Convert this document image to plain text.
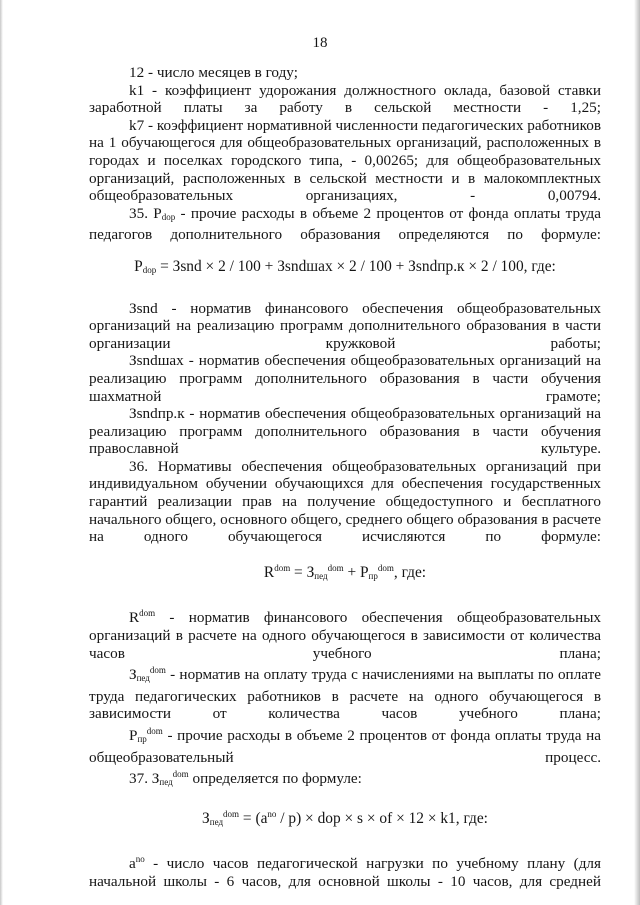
18

12 - число месяцев в году;

k1 - коэффициент удорожания должностного оклада, базовой ставки заработной платы за работу в сельской местности - 1,25;

k7 - коэффициент нормативной численности педагогических работников на 1 обучающегося для общеобразовательных организаций, расположенных в городах и поселках городского типа, - 0,00265; для общеобразовательных организаций, расположенных в сельской местности и в малокомплектных общеобразовательных организациях, - 0,00794.

35. $P_{dop}$ - прочие расходы в объеме 2 процентов от фонда оплаты труда педагогов дополнительного образования определяются по формуле:

$P_{dop}$ = Зsnd × 2 / 100 + Зsndшах × 2 / 100 + Зsndпр.к × 2 / 100, где:

Зsnd - норматив финансового обеспечения общеобразовательных организаций на реализацию программ дополнительного образования в части организации кружковой работы;

Зsndшах - норматив обеспечения общеобразовательных организаций на реализацию программ дополнительного образования в части обучения шахматной грамоте;

Зsndпр.к - норматив обеспечения общеобразовательных организаций на реализацию программ дополнительного образования в части обучения православной культуре.

36. Нормативы обеспечения общеобразовательных организаций при индивидуальном обучении обучающихся для обеспечения государственных гарантий реализации прав на получение общедоступного и бесплатного начального общего, основного общего, среднего общего образования в расчете на одного обучающегося исчисляются по формуле:

$R^{dom} = З_{пед}^{dom} + P_{пр}^{dom}$, где:

$R^{dom}$ - норматив финансового обеспечения общеобразовательных организаций в расчете на одного обучающегося в зависимости от количества часов учебного плана;

$З_{пед}^{dom}$ - норматив на оплату труда с начислениями на выплаты по оплате труда педагогических работников в расчете на одного обучающегося в зависимости от количества часов учебного плана;

$P_{пр}^{dom}$ - прочие расходы в объеме 2 процентов от фонда оплаты труда на общеобразовательный процесс.

37. $З_{пед}^{dom}$ определяется по формуле:

$З_{пед}^{dom} = (a^{no} / p)$ × dop × s × of × 12 × k1, где:

$a^{no}$ - число часов педагогической нагрузки по учебному плану (для начальной школы - 6 часов, для основной школы - 10 часов, для средней
